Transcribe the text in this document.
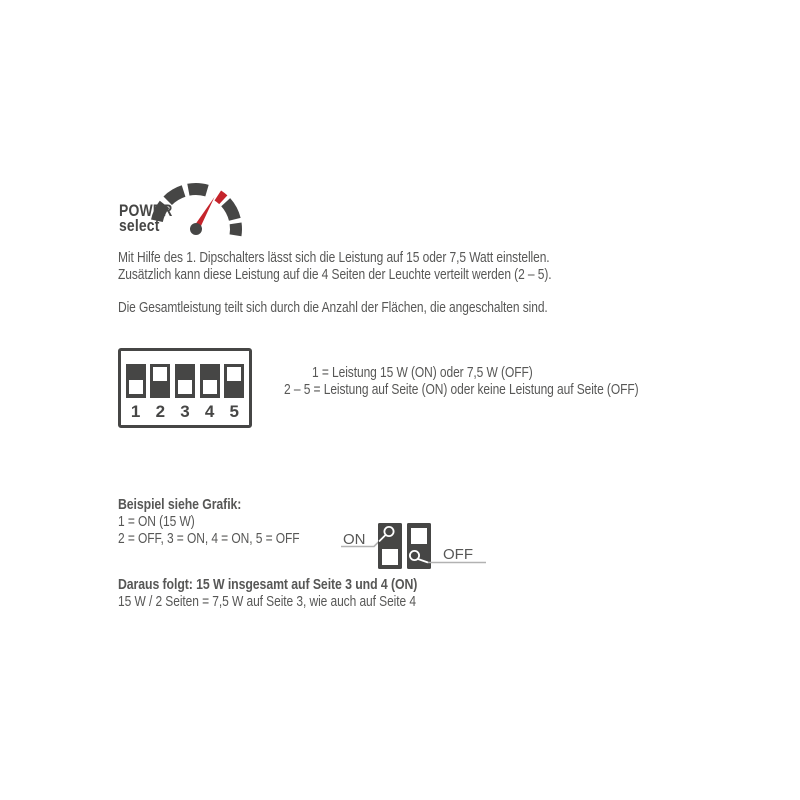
POWER
select
Mit Hilfe des 1. Dipschalters lässt sich die Leistung auf 15 oder 7,5 Watt einstellen.
Zusätzlich kann diese Leistung auf die 4 Seiten der Leuchte verteilt werden (2 – 5).
Die Gesamtleistung teilt sich durch die Anzahl der Flächen, die angeschalten sind.
1 2 3 4 5
1 = Leistung 15 W (ON) oder 7,5 W (OFF)
2 – 5 = Leistung auf Seite (ON) oder keine Leistung auf Seite (OFF)
Beispiel siehe Grafik:
1 = ON (15 W)
2 = OFF, 3 = ON, 4 = ON, 5 = OFF	ON
OFF
Daraus folgt: 15 W insgesamt auf Seite 3 und 4 (ON)
15 W / 2 Seiten = 7,5 W auf Seite 3, wie auch auf Seite 4
